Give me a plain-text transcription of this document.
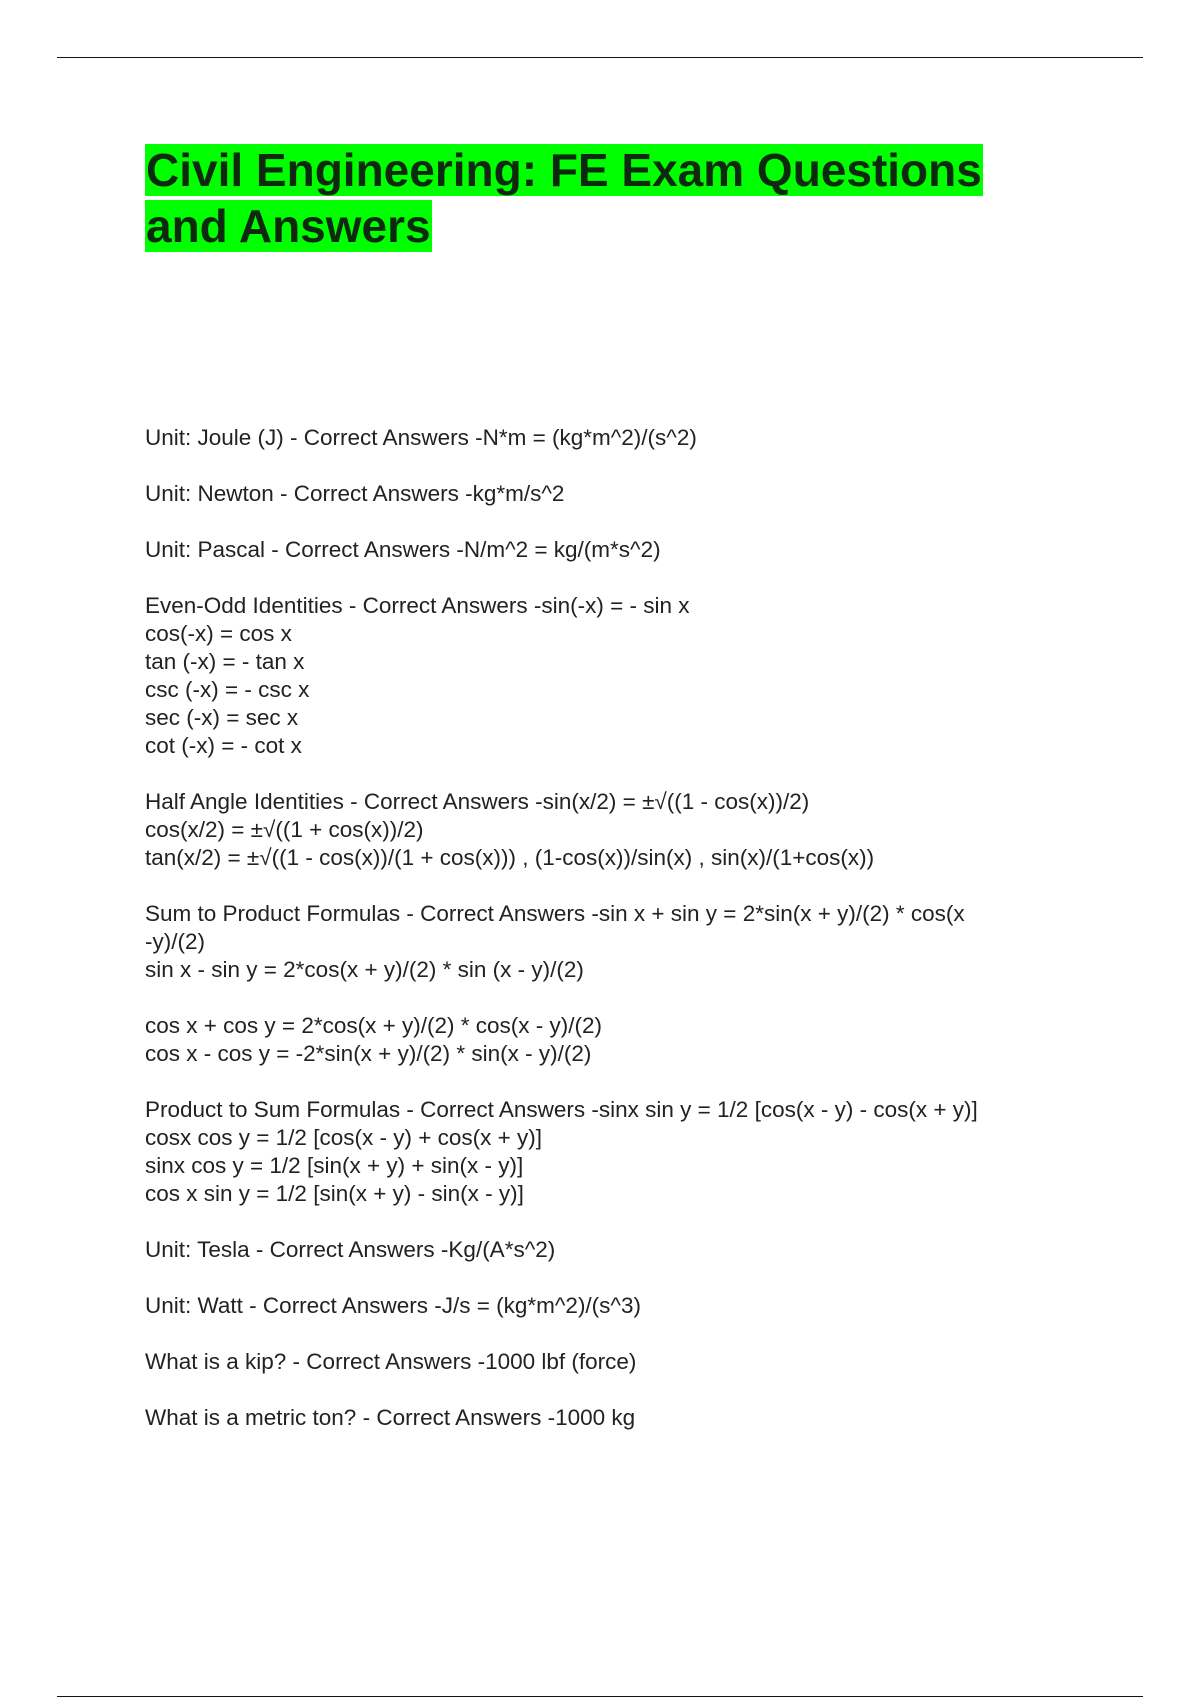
Civil Engineering: FE Exam Questions
and Answers
Unit: Joule (J) - Correct Answers -N*m = (kg*m^2)/(s^2)
Unit: Newton - Correct Answers -kg*m/s^2
Unit: Pascal - Correct Answers -N/m^2 = kg/(m*s^2)
Even-Odd Identities - Correct Answers -sin(-x) = - sin x
cos(-x) = cos x
tan (-x) = - tan x
csc (-x) = - csc x
sec (-x) = sec x
cot (-x) = - cot x
Half Angle Identities - Correct Answers -sin(x/2) = ±√((1 - cos(x))/2)
cos(x/2) = ±√((1 + cos(x))/2)
tan(x/2) = ±√((1 - cos(x))/(1 + cos(x))) , (1-cos(x))/sin(x) , sin(x)/(1+cos(x))
Sum to Product Formulas - Correct Answers -sin x + sin y = 2*sin(x + y)/(2) * cos(x
-y)/(2)
sin x - sin y = 2*cos(x + y)/(2) * sin (x - y)/(2)
cos x + cos y = 2*cos(x + y)/(2) * cos(x - y)/(2)
cos x - cos y = -2*sin(x + y)/(2) * sin(x - y)/(2)
Product to Sum Formulas - Correct Answers -sinx sin y = 1/2 [cos(x - y) - cos(x + y)]
cosx cos y = 1/2 [cos(x - y) + cos(x + y)]
sinx cos y = 1/2 [sin(x + y) + sin(x - y)]
cos x sin y = 1/2 [sin(x + y) - sin(x - y)]
Unit: Tesla - Correct Answers -Kg/(A*s^2)
Unit: Watt - Correct Answers -J/s = (kg*m^2)/(s^3)
What is a kip? - Correct Answers -1000 lbf (force)
What is a metric ton? - Correct Answers -1000 kg
